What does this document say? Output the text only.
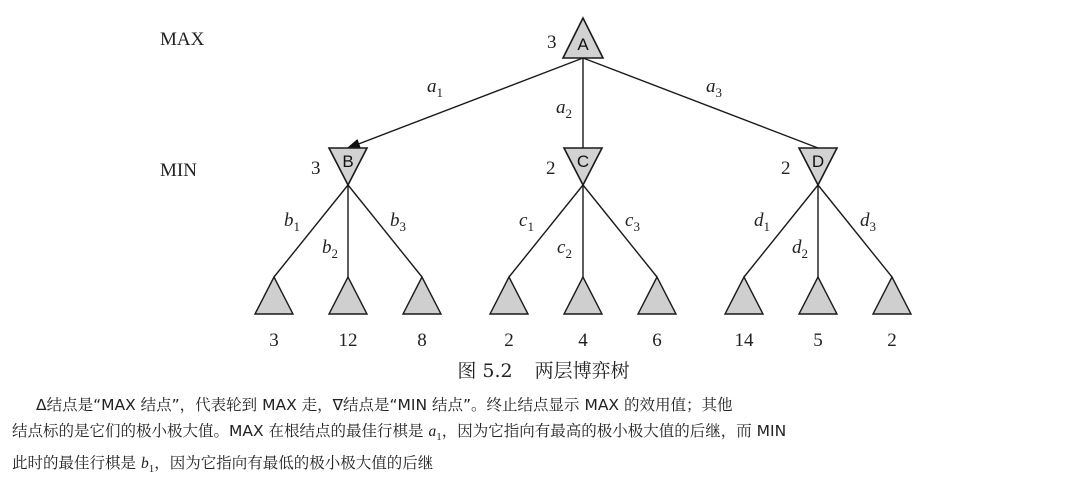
MAX
MIN
A
B	C	D
$a_1$
$a_2$
$a_3$
3
$b_1$
12
$b_2$
8
$b_3$
2
$c_1$
4
$c_2$
6
$c_3$
14
$d_1$
5
$d_2$
2
$d_3$
3
3	2	2
图 5.2 两层博弈树

Δ结点是“MAX 结点”，代表轮到 MAX 走，∇结点是“MIN 结点”。终止结点显示 MAX 的效用值；其他

结点标的是它们的极小极大值。MAX 在根结点的最佳行棋是 $a_1$，因为它指向有最高的极小极大值的后继，而 MIN

此时的最佳行棋是 $b_1$，因为它指向有最低的极小极大值的后继
